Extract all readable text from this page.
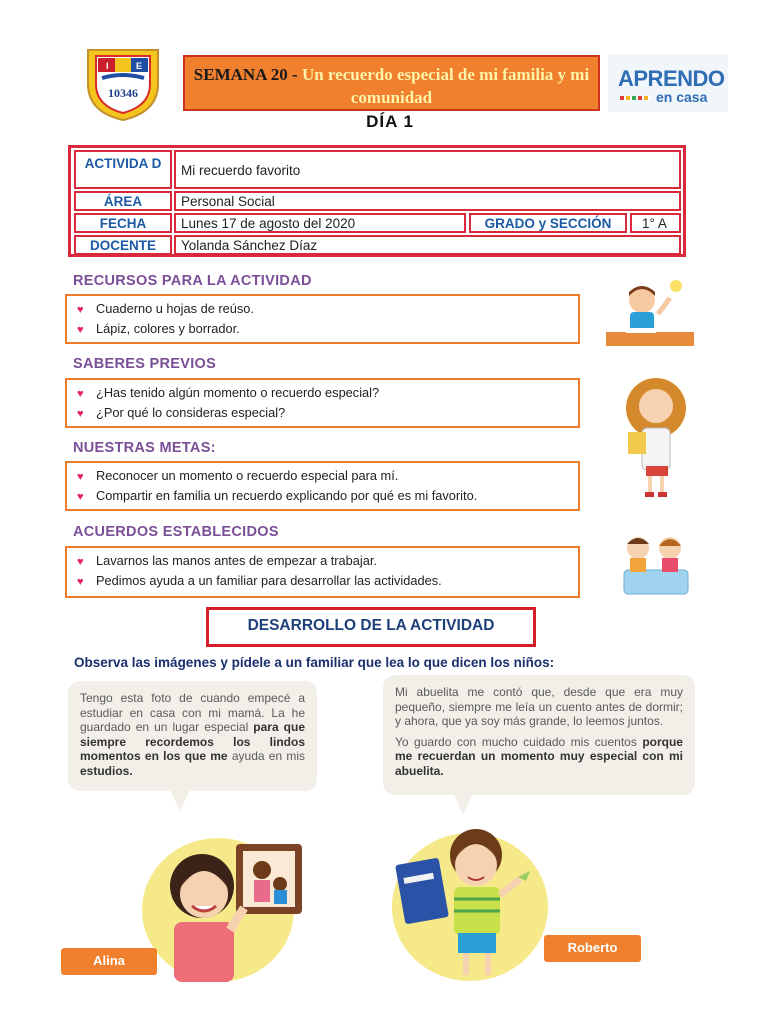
I	E
10346
SEMANA 20 - Un recuerdo especial de mi familia y mi comunidad
APRENDO
en casa
DÍA 1
ACTIVIDA D	Mi recuerdo favorito
ÁREA	Personal Social
FECHA	Lunes 17 de agosto del 2020	GRADO y SECCIÓN	1° A
DOCENTE	Yolanda Sánchez Díaz
RECURSOS PARA LA ACTIVIDAD
♥ Cuaderno u hojas de reúso.
♥ Lápiz, colores y borrador.
SABERES PREVIOS
♥ ¿Has tenido algún momento o recuerdo especial?
♥ ¿Por qué lo consideras especial?
NUESTRAS METAS:
♥ Reconocer un momento o recuerdo especial para mí.
♥ Compartir en familia un recuerdo explicando por qué es mi favorito.
ACUERDOS ESTABLECIDOS
♥ Lavarnos las manos antes de empezar a trabajar.
♥ Pedimos ayuda a un familiar para desarrollar las actividades.
DESARROLLO DE LA ACTIVIDAD
Observa las imágenes y pídele a un familiar que lea lo que dicen los niños:
Tengo esta foto de cuando empecé a estudiar en casa con mi mamá. La he guardado en un lugar especial para que siempre recordemos los lindos momentos en los que me ayuda en mis estudios.
Mi abuelita me contó que, desde que era muy pequeño, siempre me leía un cuento antes de dormir; y ahora, que ya soy más grande, lo leemos juntos.
Yo guardo con mucho cuidado mis cuentos porque me recuerdan un momento muy especial con mi abuelita.
Alina
Roberto
